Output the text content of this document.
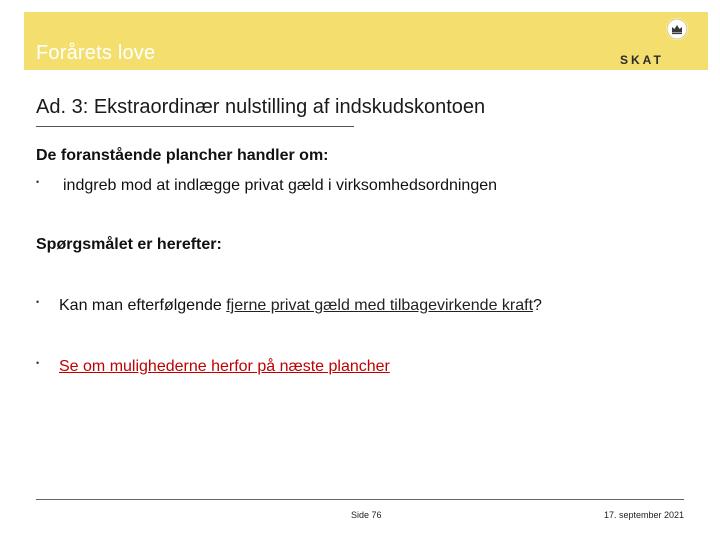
Forårets love	SKAT
Ad. 3: Ekstraordinær nulstilling af indskudskontoen
De foranstående plancher handler om:
• indgreb mod at indlægge privat gæld i virksomhedsordningen
Spørgsmålet er herefter:
• Kan man efterfølgende fjerne privat gæld med tilbagevirkende kraft?
• Se om mulighederne herfor på næste plancher
Side 76	17. september 2021
